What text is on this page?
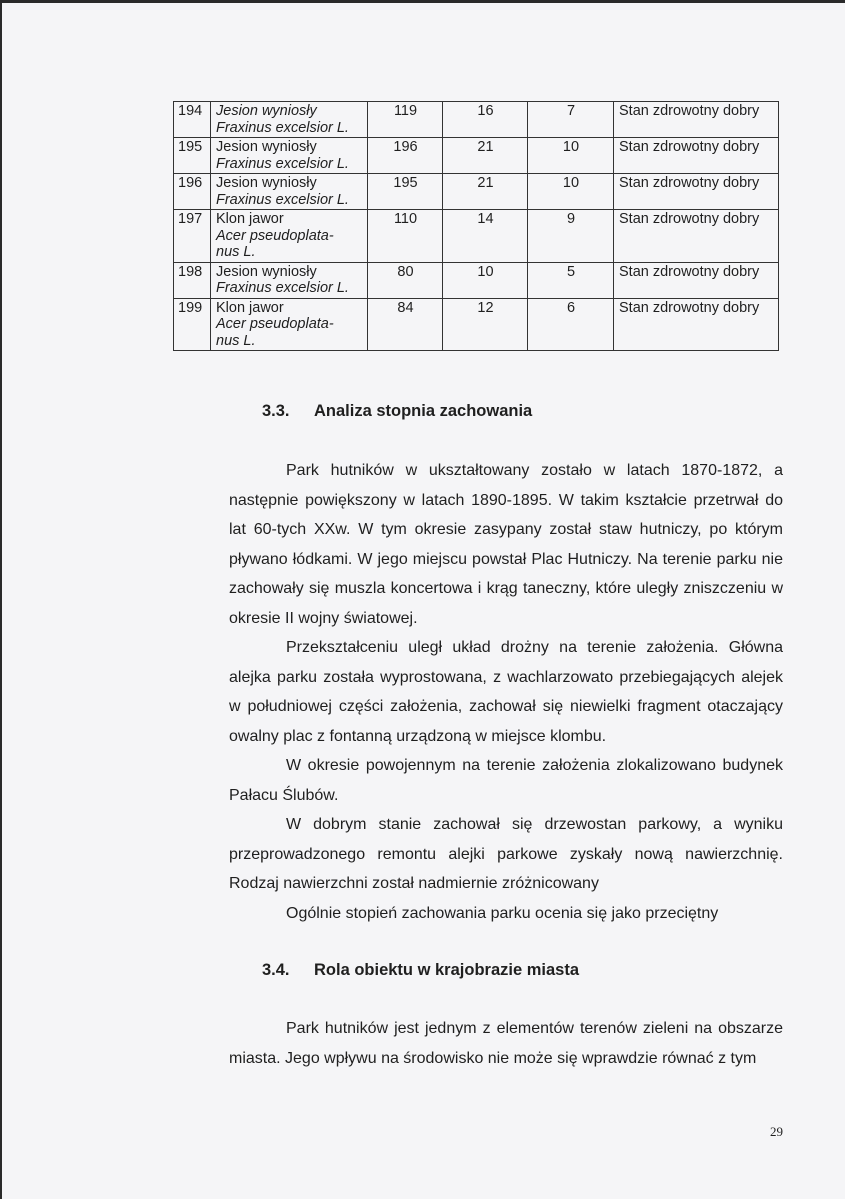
194	Jesion wyniosły
Fraxinus excelsior L.	119	16	7	Stan zdrowotny dobry
195	Jesion wyniosły
Fraxinus excelsior L.	196	21	10	Stan zdrowotny dobry
196	Jesion wyniosły
Fraxinus excelsior L.	195	21	10	Stan zdrowotny dobry
197	Klon jawor
Acer pseudoplata-
nus L.	110	14	9	Stan zdrowotny dobry
198	Jesion wyniosły
Fraxinus excelsior L.	80	10	5	Stan zdrowotny dobry
199	Klon jawor
Acer pseudoplata-
nus L.	84	12	6	Stan zdrowotny dobry
3.3. Analiza stopnia zachowania

Park hutników w ukształtowany zostało w latach 1870-1872, a następnie powiększony w latach 1890-1895. W takim kształcie przetrwał do lat 60-tych XXw. W tym okresie zasypany został staw hutniczy, po którym pływano łódkami. W jego miejscu powstał Plac Hutniczy. Na terenie parku nie zachowały się muszla koncertowa i krąg taneczny, które uległy zniszczeniu w okresie II wojny światowej.

Przekształceniu uległ układ drożny na terenie założenia. Główna alejka parku została wyprostowana, z wachlarzowato przebiegających alejek w południowej części założenia, zachował się niewielki fragment otaczający owalny plac z fontanną urządzoną w miejsce klombu.

W okresie powojennym na terenie założenia zlokalizowano budynek Pałacu Ślubów.

W dobrym stanie zachował się drzewostan parkowy, a wyniku przeprowadzonego remontu alejki parkowe zyskały nową nawierzchnię. Rodzaj nawierzchni został nadmiernie zróżnicowany

Ogólnie stopień zachowania parku ocenia się jako przeciętny

3.4. Rola obiektu w krajobrazie miasta

Park hutników jest jednym z elementów terenów zieleni na obszarze miasta. Jego wpływu na środowisko nie może się wprawdzie równać z tym

29
